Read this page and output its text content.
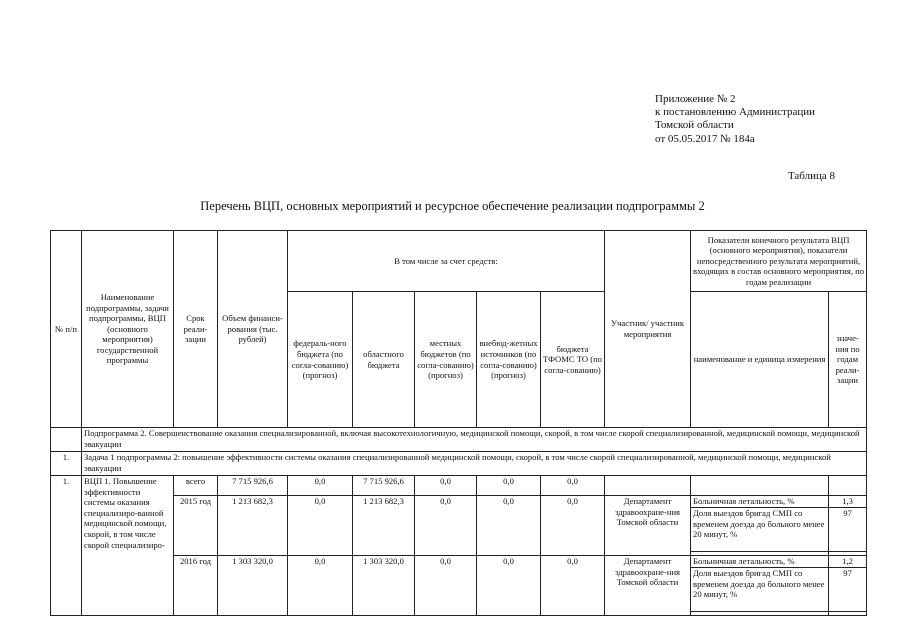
Приложение № 2
к постановлению Администрации
Томской области
от 05.05.2017 № 184а
Таблица 8
Перечень ВЦП, основных мероприятий и ресурсное обеспечение реализации подпрограммы 2
№ п/п	Наименование подпрограммы, задачи подпрограммы, ВЦП (основного мероприятия) государственной программы	Срок реали-зации	Объем финанси-рования (тыс. рублей)	В том числе за счет средств:					Участник/ участник мероприятия	Показатели конечного результата ВЦП (основного мероприятия), показатели непосредственного результата мероприятий, входящих в состав основного мероприятия, по годам реализации	
				федераль-ного бюджета (по согла-сованию) (прогноз)	областного бюджета	местных бюджетов (по согла-сованию) (прогноз)	внебюд-жетных источников (по согла-сованию) (прогноз)	бюджета ТФОМС ТО (по согла-сованию)		наименование и единица измерения	значе-ния по годам реали-зации
	Подпрограмма 2. Совершенствование оказания специализированной, включая высокотехнологичную, медицинской помощи, скорой, в том числе скорой специализированной, медицинской помощи, медицинской эвакуации										
1.	Задача 1 подпрограммы 2: повышение эффективности системы оказания специализированной медицинской помощи, скорой, в том числе скорой специализированной, медицинской помощи, медицинской эвакуации										
1.	ВЦП 1. Повышение эффективности системы оказания специализиро-ванной медицинской помощи, скорой, в том числе скорой специализиро-	всего	7 715 926,6	0,0	7 715 926,6	0,0	0,0	0,0			
		2015 год	1 213 682,3	0,0	1 213 682,3	0,0	0,0	0,0	Департамент здравоохране-ния Томской области	Больничная летальность, %	1,3
										Доля выездов бригад СМП со временем доезда до больного менее 20 минут, %	97

		2016 год	1 303 320,0	0,0	1 303 320,0	0,0	0,0	0,0	Департамент здравоохране-ния Томской области	Больничная летальность, %	1,2
										Доля выездов бригад СМП со временем доезда до больного менее 20 минут, %	97
